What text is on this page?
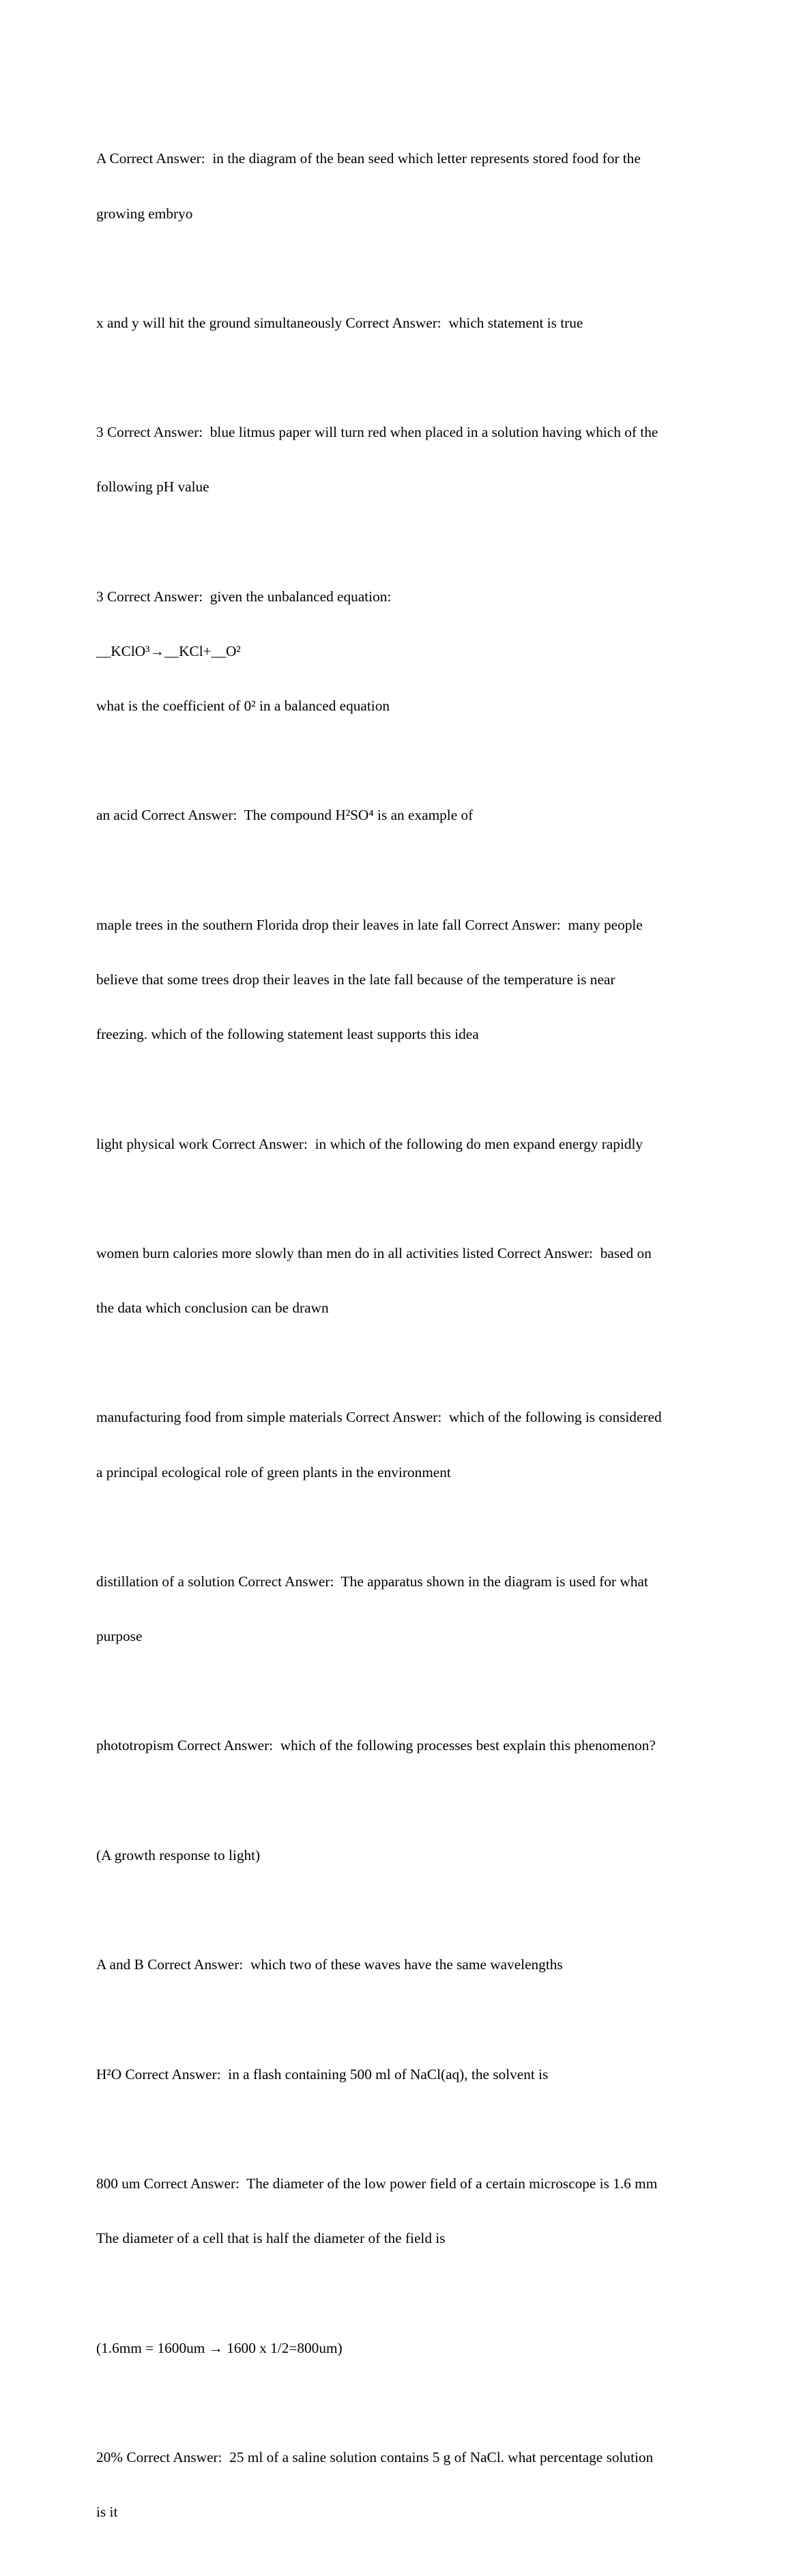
A Correct Answer:  in the diagram of the bean seed which letter represents stored food for the

growing embryo

x and y will hit the ground simultaneously Correct Answer:  which statement is true

3 Correct Answer:  blue litmus paper will turn red when placed in a solution having which of the

following pH value

3 Correct Answer:  given the unbalanced equation:

__KClO³→__KCl+__O²

what is the coefficient of 0² in a balanced equation

an acid Correct Answer:  The compound H²SO⁴ is an example of

maple trees in the southern Florida drop their leaves in late fall Correct Answer:  many people

believe that some trees drop their leaves in the late fall because of the temperature is near

freezing. which of the following statement least supports this idea

light physical work Correct Answer:  in which of the following do men expand energy rapidly

women burn calories more slowly than men do in all activities listed Correct Answer:  based on

the data which conclusion can be drawn

manufacturing food from simple materials Correct Answer:  which of the following is considered

a principal ecological role of green plants in the environment

distillation of a solution Correct Answer:  The apparatus shown in the diagram is used for what

purpose

phototropism Correct Answer:  which of the following processes best explain this phenomenon?

(A growth response to light)

A and B Correct Answer:  which two of these waves have the same wavelengths

H²O Correct Answer:  in a flash containing 500 ml of NaCl(aq), the solvent is

800 um Correct Answer:  The diameter of the low power field of a certain microscope is 1.6 mm

The diameter of a cell that is half the diameter of the field is

(1.6mm = 1600um → 1600 x 1/2=800um)

20% Correct Answer:  25 ml of a saline solution contains 5 g of NaCl. what percentage solution

is it
